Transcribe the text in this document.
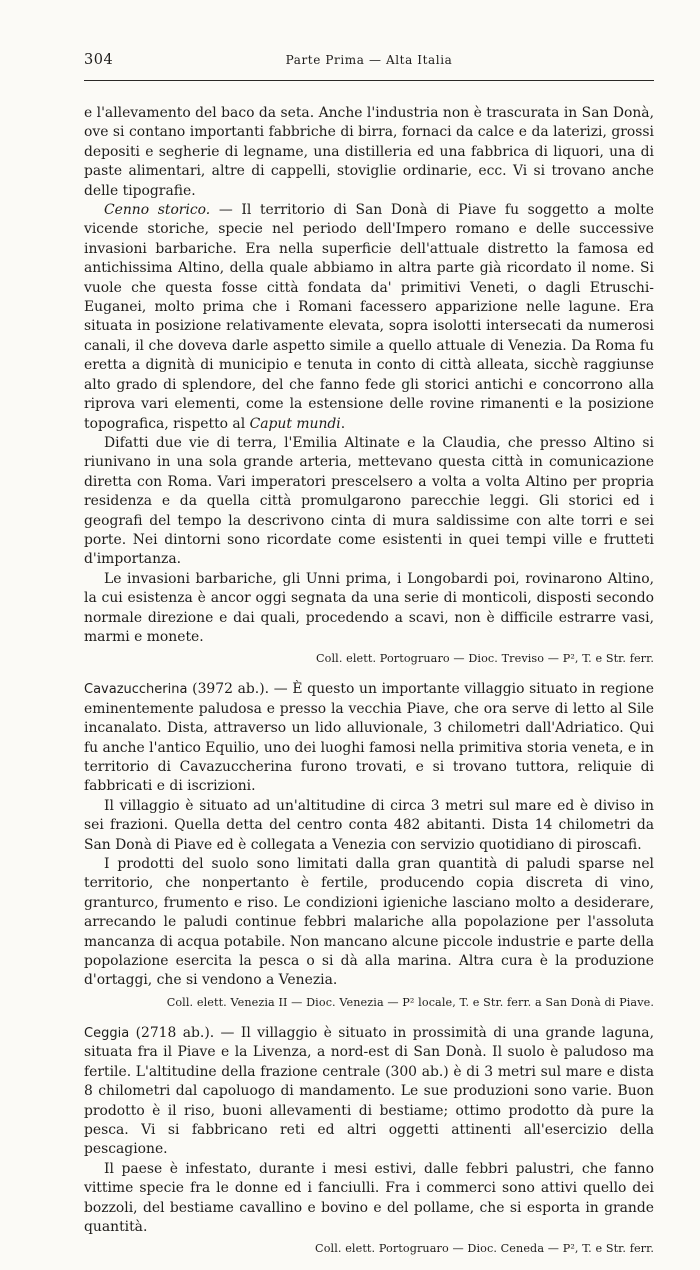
304	Parte Prima — Alta Italia

e l'allevamento del baco da seta. Anche l'industria non è trascurata in San Donà, ove si contano importanti fabbriche di birra, fornaci da calce e da laterizi, grossi depositi e segherie di legname, una distilleria ed una fabbrica di liquori, una di paste alimentari, altre di cappelli, stoviglie ordinarie, ecc. Vi si trovano anche delle tipografie.

Cenno storico. — Il territorio di San Donà di Piave fu soggetto a molte vicende storiche, specie nel periodo dell'Impero romano e delle successive invasioni barbariche. Era nella superficie dell'attuale distretto la famosa ed antichissima Altino, della quale abbiamo in altra parte già ricordato il nome. Si vuole che questa fosse città fondata da' primitivi Veneti, o dagli Etruschi-Euganei, molto prima che i Romani facessero apparizione nelle lagune. Era situata in posizione relativamente elevata, sopra isolotti intersecati da numerosi canali, il che doveva darle aspetto simile a quello attuale di Venezia. Da Roma fu eretta a dignità di municipio e tenuta in conto di città alleata, sicchè raggiunse alto grado di splendore, del che fanno fede gli storici antichi e concorrono alla riprova vari elementi, come la estensione delle rovine rimanenti e la posizione topografica, rispetto al Caput mundi.

Difatti due vie di terra, l'Emilia Altinate e la Claudia, che presso Altino si riunivano in una sola grande arteria, mettevano questa città in comunicazione diretta con Roma. Vari imperatori prescelsero a volta a volta Altino per propria residenza e da quella città promulgarono parecchie leggi. Gli storici ed i geografi del tempo la descrivono cinta di mura saldissime con alte torri e sei porte. Nei dintorni sono ricordate come esistenti in quei tempi ville e frutteti d'importanza.

Le invasioni barbariche, gli Unni prima, i Longobardi poi, rovinarono Altino, la cui esistenza è ancor oggi segnata da una serie di monticoli, disposti secondo normale direzione e dai quali, procedendo a scavi, non è difficile estrarre vasi, marmi e monete.

Coll. elett. Portogruaro — Dioc. Treviso — P², T. e Str. ferr.

Cavazuccherina (3972 ab.). — È questo un importante villaggio situato in regione eminentemente paludosa e presso la vecchia Piave, che ora serve di letto al Sile incanalato. Dista, attraverso un lido alluvionale, 3 chilometri dall'Adriatico. Qui fu anche l'antico Equilio, uno dei luoghi famosi nella primitiva storia veneta, e in territorio di Cavazuccherina furono trovati, e si trovano tuttora, reliquie di fabbricati e di iscrizioni.

Il villaggio è situato ad un'altitudine di circa 3 metri sul mare ed è diviso in sei frazioni. Quella detta del centro conta 482 abitanti. Dista 14 chilometri da San Donà di Piave ed è collegata a Venezia con servizio quotidiano di piroscafi.

I prodotti del suolo sono limitati dalla gran quantità di paludi sparse nel territorio, che nonpertanto è fertile, producendo copia discreta di vino, granturco, frumento e riso. Le condizioni igieniche lasciano molto a desiderare, arrecando le paludi continue febbri malariche alla popolazione per l'assoluta mancanza di acqua potabile. Non mancano alcune piccole industrie e parte della popolazione esercita la pesca o si dà alla marina. Altra cura è la produzione d'ortaggi, che si vendono a Venezia.

Coll. elett. Venezia II — Dioc. Venezia — P² locale, T. e Str. ferr. a San Donà di Piave.

Ceggia (2718 ab.). — Il villaggio è situato in prossimità di una grande laguna, situata fra il Piave e la Livenza, a nord-est di San Donà. Il suolo è paludoso ma fertile. L'altitudine della frazione centrale (300 ab.) è di 3 metri sul mare e dista 8 chilometri dal capoluogo di mandamento. Le sue produzioni sono varie. Buon prodotto è il riso, buoni allevamenti di bestiame; ottimo prodotto dà pure la pesca. Vi si fabbricano reti ed altri oggetti attinenti all'esercizio della pescagione.

Il paese è infestato, durante i mesi estivi, dalle febbri palustri, che fanno vittime specie fra le donne ed i fanciulli. Fra i commerci sono attivi quello dei bozzoli, del bestiame cavallino e bovino e del pollame, che si esporta in grande quantità.

Coll. elett. Portogruaro — Dioc. Ceneda — P², T. e Str. ferr.
